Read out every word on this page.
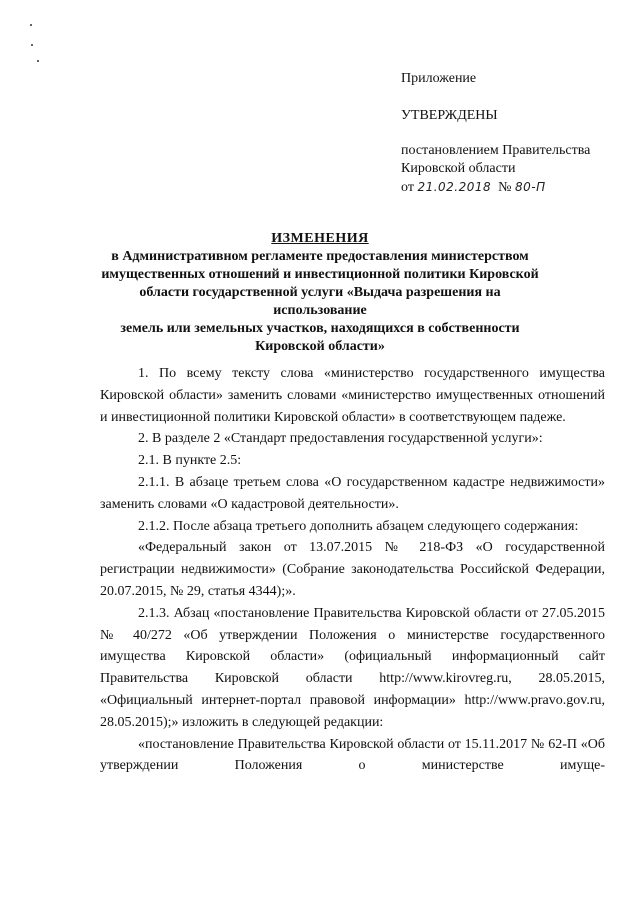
Приложение
УТВЕРЖДЕНЫ
постановлением Правительства
Кировской области
от 21.02.2018 № 80-П
ИЗМЕНЕНИЯ
в Административном регламенте предоставления министерством
имущественных отношений и инвестиционной политики Кировской
области государственной услуги «Выдача разрешения на использование
земель или земельных участков, находящихся в собственности
Кировской области»

1. По всему тексту слова «министерство государственного имущества Кировской области» заменить словами «министерство имущественных отношений и инвестиционной политики Кировской области» в соответствующем падеже.

2. В разделе 2 «Стандарт предоставления государственной услуги»:

2.1. В пункте 2.5:

2.1.1. В абзаце третьем слова «О государственном кадастре недвижимости» заменить словами «О кадастровой деятельности».

2.1.2. После абзаца третьего дополнить абзацем следующего содержания:

«Федеральный закон от 13.07.2015 № 218-ФЗ «О государственной регистрации недвижимости» (Собрание законодательства Российской Федерации, 20.07.2015, № 29, статья 4344);».

2.1.3. Абзац «постановление Правительства Кировской области от 27.05.2015 № 40/272 «Об утверждении Положения о министерстве государственного имущества Кировской области» (официальный информационный сайт Правительства Кировской области http://www.kirovreg.ru, 28.05.2015, «Официальный интернет-портал правовой информации» http://www.pravo.gov.ru, 28.05.2015);» изложить в следующей редакции:

«постановление Правительства Кировской области от 15.11.2017 № 62-П «Об утверждении Положения о министерстве имуще-
